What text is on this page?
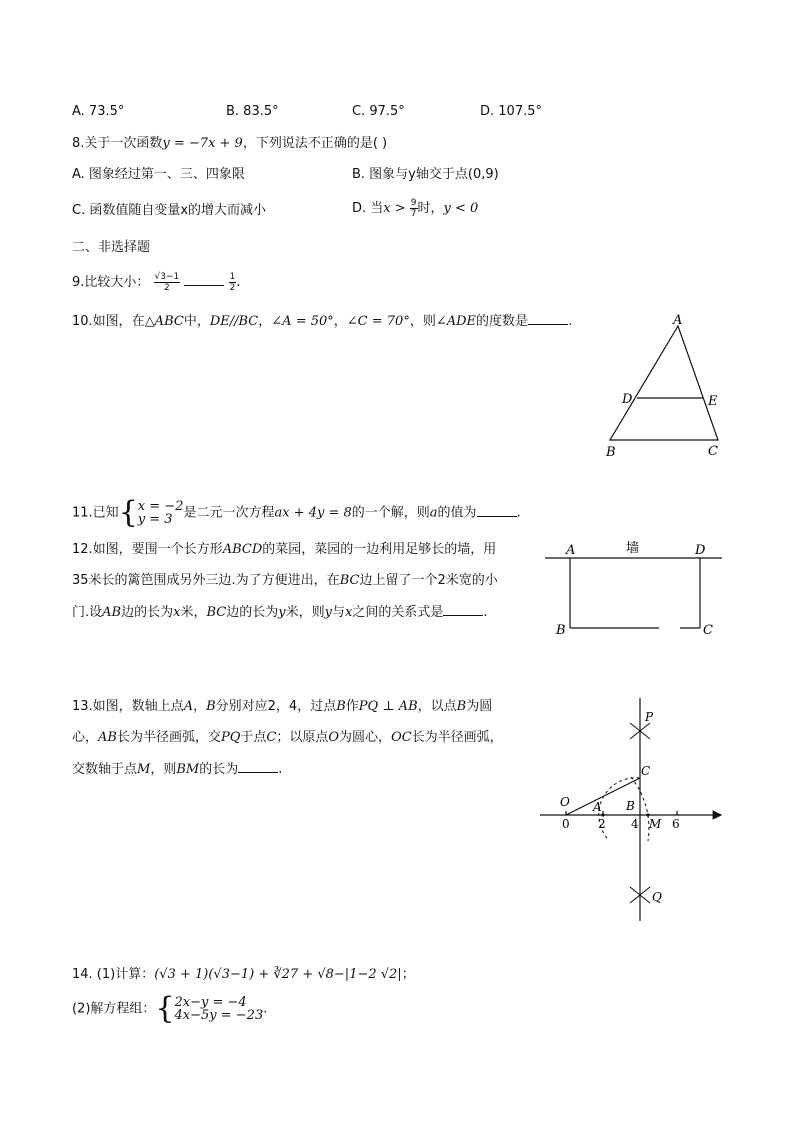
A. 73.5°	B. 83.5°	C. 97.5°	D. 107.5°
8.关于一次函数y = −7x + 9，下列说法不正确的是( )
A. 图象经过第一、三、四象限	B. 图象与y轴交于点(0,9)
C. 函数值随自变量x的增大而减小	D. 当$x > \frac{9}{7}$ 时，y < 0
二、非选择题
9.比较大小： $\frac{√3-1}{2}$
	$\frac{1}{2}$ .
10.如图，在△ABC中，DE//BC，∠A = 50°，∠C = 70°，则∠ADE的度数是	.	A
D	E
B	C
11.已知{ x = −2
y = 3 是二元一次方程ax + 4y = 8的一个解，则a的值为	.
12.如图，要围一个长方形ABCD的菜园，菜园的一边利用足够长的墙，用
35米长的篱笆围成另外三边.为了方便进出，在BC边上留了一个2米宽的小
门.设AB边的长为x米，BC边的长为y米，则y与x之间的关系式是	.
A	D
B	C
墙
13.如图，数轴上点A，B分别对应2，4，过点B作PQ ⊥ AB，以点B为圆
心，AB长为半径画弧，交PQ于点C；以原点O为圆心，OC长为半径画弧，
交数轴于点M，则BM的长为	.
P
Q
C
O A B
M
0 2 4	6
14. (1)计算：(√3 + 1)(√3−1) + ∛27 + √8−|1−2 √2|；
(2)解方程组：{ 2x−y = −4
4x−5y = −23 .
